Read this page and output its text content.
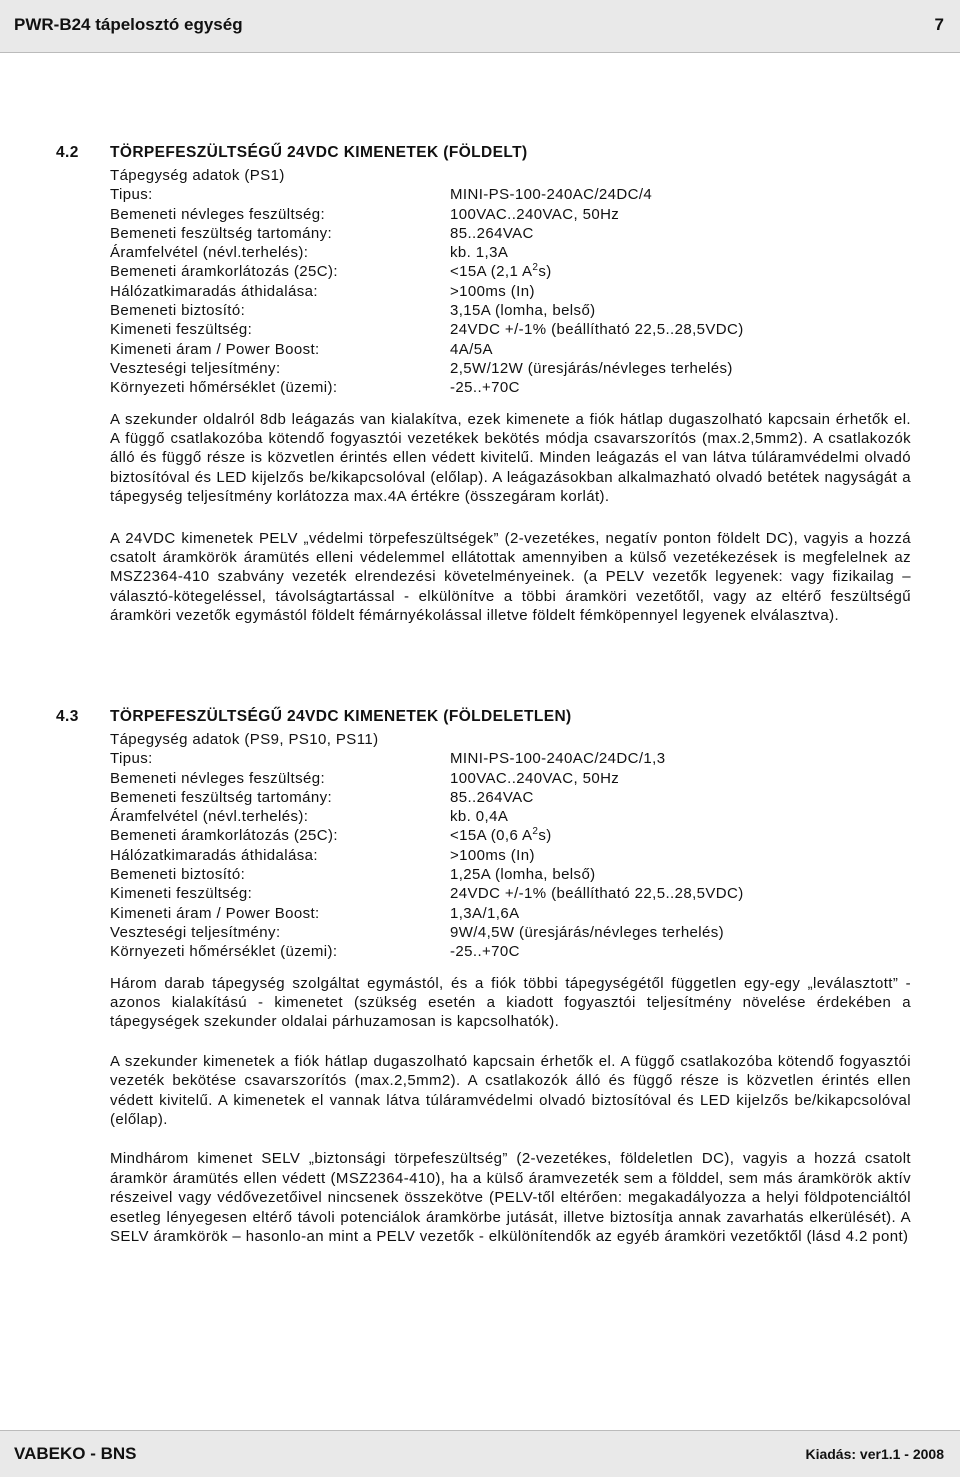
PWR-B24 tápelosztó egység	7
4.2 TÖRPEFESZÜLTSÉGŰ 24VDC KIMENETEK (FÖLDELT)
Tápegység adatok (PS1)
Tipus:	MINI-PS-100-240AC/24DC/4
Bemeneti névleges feszültség:	100VAC..240VAC, 50Hz
Bemeneti feszültség tartomány:	85..264VAC
Áramfelvétel (névl.terhelés):	kb. 1,3A
Bemeneti áramkorlátozás (25C):	<15A (2,1 $A^2s$)
Hálózatkimaradás áthidalása:	>100ms (In)
Bemeneti biztosító:	3,15A (lomha, belső)
Kimeneti feszültség:	24VDC +/-1% (beállítható 22,5..28,5VDC)
Kimeneti áram / Power Boost:	4A/5A
Veszteségi teljesítmény:	2,5W/12W (üresjárás/névleges terhelés)
Környezeti hőmérséklet (üzemi):	-25..+70C

A szekunder oldalról 8db leágazás van kialakítva, ezek kimenete a fiók hátlap dugaszolható kapcsain érhetők el. A függő csatlakozóba kötendő fogyasztói vezetékek bekötés módja csavarszorítós (max.2,5mm2). A csatlakozók álló és függő része is közvetlen érintés ellen védett kivitelű. Minden leágazás el van látva túláramvédelmi olvadó biztosítóval és LED kijelzős be/kikapcsolóval (előlap). A leágazásokban alkalmazható olvadó betétek nagyságát a tápegység teljesítmény korlátozza max.4A értékre (összegáram korlát).

A 24VDC kimenetek PELV „védelmi törpefeszültségek” (2-vezetékes, negatív ponton földelt DC), vagyis a hozzá csatolt áramkörök áramütés elleni védelemmel ellátottak amennyiben a külső vezetékezések is megfelelnek az MSZ2364-410 szabvány vezeték elrendezési követelményeinek. (a PELV vezetők legyenek: vagy fizikailag – választó-kötegeléssel, távolságtartással - elkülönítve a többi áramköri vezetőtől, vagy az eltérő feszültségű áramköri vezetők egymástól földelt fémárnyékolással illetve földelt fémköpennyel legyenek elválasztva).

4.3 TÖRPEFESZÜLTSÉGŰ 24VDC KIMENETEK (FÖLDELETLEN)
Tápegység adatok (PS9, PS10, PS11)
Tipus:	MINI-PS-100-240AC/24DC/1,3
Bemeneti névleges feszültség:	100VAC..240VAC, 50Hz
Bemeneti feszültség tartomány:	85..264VAC
Áramfelvétel (névl.terhelés):	kb. 0,4A
Bemeneti áramkorlátozás (25C):	<15A (0,6 $A^2s$)
Hálózatkimaradás áthidalása:	>100ms (In)
Bemeneti biztosító:	1,25A (lomha, belső)
Kimeneti feszültség:	24VDC +/-1% (beállítható 22,5..28,5VDC)
Kimeneti áram / Power Boost:	1,3A/1,6A
Veszteségi teljesítmény:	9W/4,5W (üresjárás/névleges terhelés)
Környezeti hőmérséklet (üzemi):	-25..+70C

Három darab tápegység szolgáltat egymástól, és a fiók többi tápegységétől független egy-egy „leválasztott” - azonos kialakítású - kimenetet (szükség esetén a kiadott fogyasztói teljesítmény növelése érdekében a tápegységek szekunder oldalai párhuzamosan is kapcsolhatók).

A szekunder kimenetek a fiók hátlap dugaszolható kapcsain érhetők el. A függő csatlakozóba kötendő fogyasztói vezeték bekötése csavarszorítós (max.2,5mm2). A csatlakozók álló és függő része is közvetlen érintés ellen védett kivitelű. A kimenetek el vannak látva túláramvédelmi olvadó biztosítóval és LED kijelzős be/kikapcsolóval (előlap).

Mindhárom kimenet SELV „biztonsági törpefeszültség” (2-vezetékes, földeletlen DC), vagyis a hozzá csatolt áramkör áramütés ellen védett (MSZ2364-410), ha a külső áramvezeték sem a földdel, sem más áramkörök aktív részeivel vagy védővezetőivel nincsenek összekötve (PELV-től eltérően: megakadályozza a helyi földpotenciáltól esetleg lényegesen eltérő távoli potenciálok áramkörbe jutását, illetve biztosítja annak zavarhatás elkerülését). A SELV áramkörök – hasonlo-an mint a PELV vezetők - elkülönítendők az egyéb áramköri vezetőktől (lásd 4.2 pont)

VABEKO - BNS	Kiadás: ver1.1 - 2008
